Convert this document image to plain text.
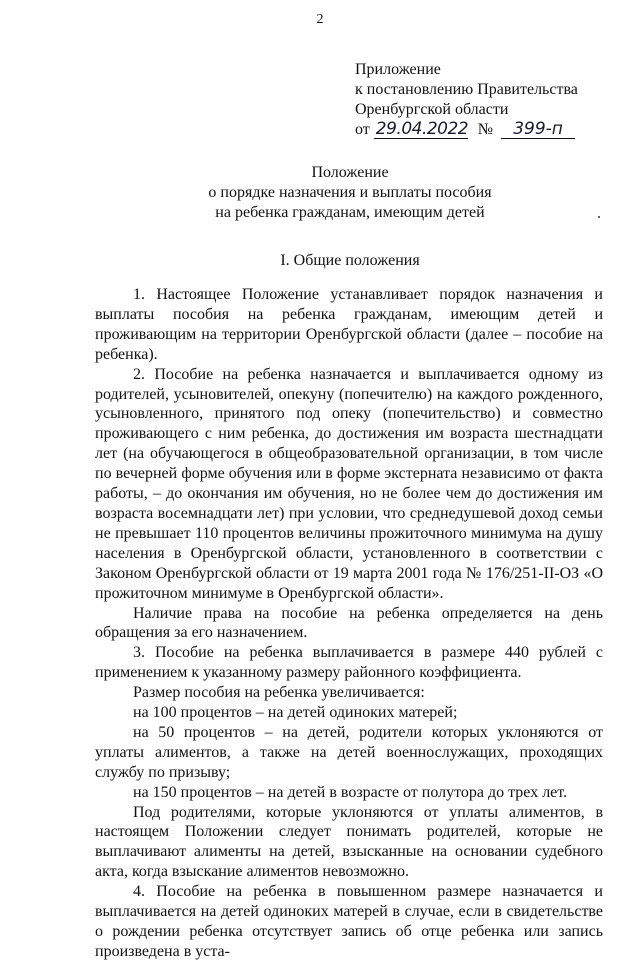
2
Приложение
к постановлению Правительства
Оренбургской области
от 29.04.2022 № 399-п
Положение
о порядке назначения и выплаты пособия
на ребенка гражданам, имеющим детей
I. Общие положения

1. Настоящее Положение устанавливает порядок назначения и выплаты пособия на ребенка гражданам, имеющим детей и проживающим на территории Оренбургской области (далее – пособие на ребенка).

2. Пособие на ребенка назначается и выплачивается одному из родителей, усыновителей, опекуну (попечителю) на каждого рожденного, усыновленного, принятого под опеку (попечительство) и совместно проживающего с ним ребенка, до достижения им возраста шестнадцати лет (на обучающегося в общеобразовательной организации, в том числе по вечерней форме обучения или в форме экстерната независимо от факта работы, – до окончания им обучения, но не более чем до достижения им возраста восемнадцати лет) при условии, что среднедушевой доход семьи не превышает 110 процентов величины прожиточного минимума на душу населения в Оренбургской области, установленного в соответствии с Законом Оренбургской области от 19 марта 2001 года № 176/251-II-ОЗ «О прожиточном минимуме в Оренбургской области».

Наличие права на пособие на ребенка определяется на день обращения за его назначением.

3. Пособие на ребенка выплачивается в размере 440 рублей с применением к указанному размеру районного коэффициента.

Размер пособия на ребенка увеличивается:

на 100 процентов – на детей одиноких матерей;

на 50 процентов – на детей, родители которых уклоняются от уплаты алиментов, а также на детей военнослужащих, проходящих службу по призыву;

на 150 процентов – на детей в возрасте от полутора до трех лет.

Под родителями, которые уклоняются от уплаты алиментов, в настоящем Положении следует понимать родителей, которые не выплачивают алименты на детей, взысканные на основании судебного акта, когда взыскание алиментов невозможно.

4. Пособие на ребенка в повышенном размере назначается и выплачивается на детей одиноких матерей в случае, если в свидетельстве о рождении ребенка отсутствует запись об отце ребенка или запись произведена в уста-
